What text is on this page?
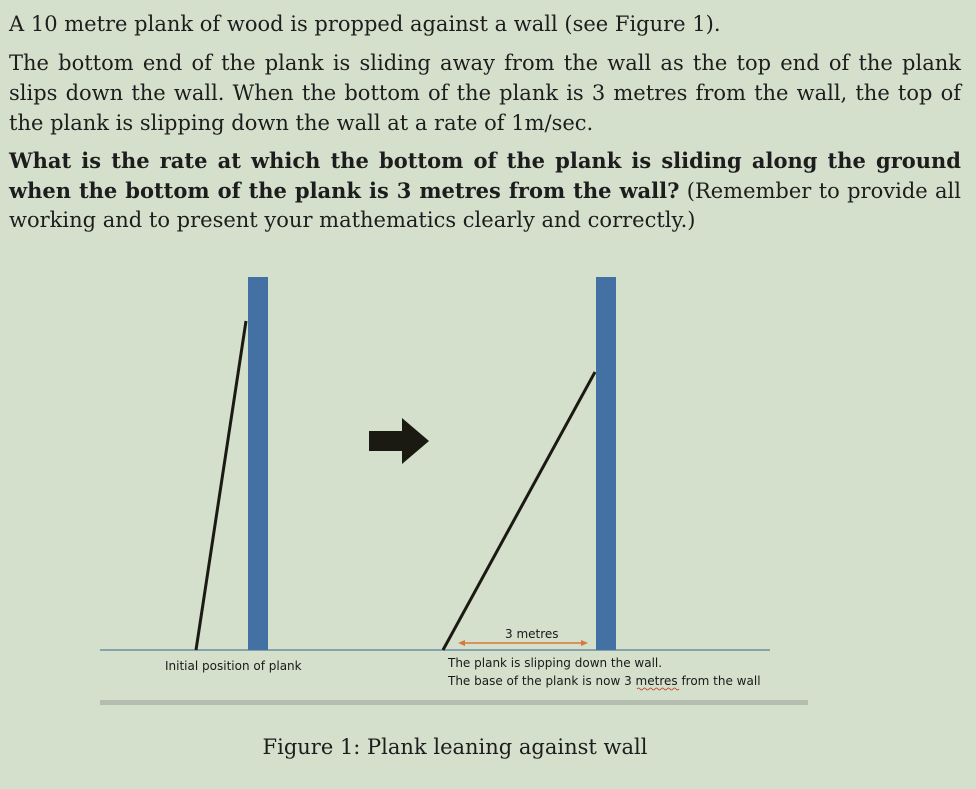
A 10 metre plank of wood is propped against a wall (see Figure 1).

The bottom end of the plank is sliding away from the wall as the top end of the plank slips down the wall. When the bottom of the plank is 3 metres from the wall, the top of the plank is slipping down the wall at a rate of 1m/sec.

What is the rate at which the bottom of the plank is sliding along the ground when the bottom of the plank is 3 metres from the wall? (Remember to provide all working and to present your mathematics clearly and correctly.)

3 metres
Initial position of plank	The plank is slipping down the wall.
The base of the plank is now 3 metres from the wall

Figure 1: Plank leaning against wall
